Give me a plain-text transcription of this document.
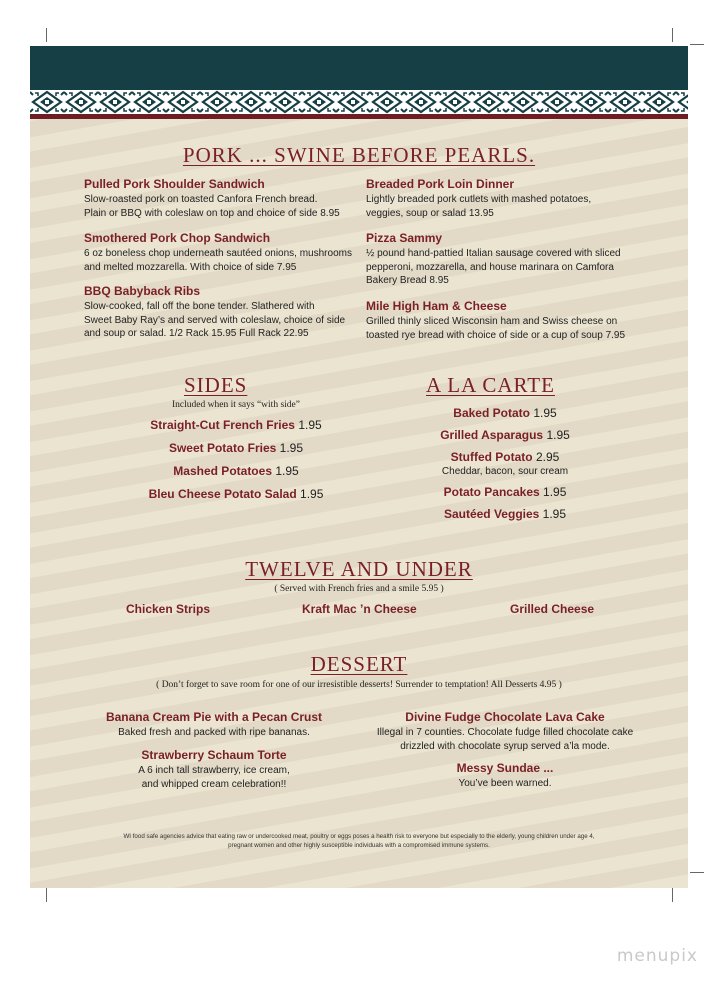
PORK ... SWINE BEFORE PEARLS.
Pulled Pork Shoulder Sandwich
Slow-roasted pork on toasted Canfora French bread.
Plain or BBQ with coleslaw on top and choice of side 8.95
Smothered Pork Chop Sandwich
6 oz boneless chop underneath sautéed onions, mushrooms
and melted mozzarella. With choice of side 7.95
BBQ Babyback Ribs
Slow-cooked, fall off the bone tender. Slathered with
Sweet Baby Ray’s and served with coleslaw, choice of side
and soup or salad. 1/2 Rack 15.95 Full Rack 22.95
Breaded Pork Loin Dinner
Lightly breaded pork cutlets with mashed potatoes,
veggies, soup or salad 13.95
Pizza Sammy
½ pound hand-pattied Italian sausage covered with sliced
pepperoni, mozzarella, and house marinara on Camfora
Bakery Bread 8.95
Mile High Ham & Cheese
Grilled thinly sliced Wisconsin ham and Swiss cheese on
toasted rye bread with choice of side or a cup of soup 7.95
SIDES
Included when it says “with side”
Straight-Cut French Fries 1.95
Sweet Potato Fries 1.95
Mashed Potatoes 1.95
Bleu Cheese Potato Salad 1.95
A LA CARTE
Baked Potato 1.95
Grilled Asparagus 1.95
Stuffed Potato 2.95
Cheddar, bacon, sour cream
Potato Pancakes 1.95
Sautéed Veggies 1.95
TWELVE AND UNDER
( Served with French fries and a smile 5.95 )
Chicken Strips	Kraft Mac ’n Cheese	Grilled Cheese
DESSERT
( Don’t forget to save room for one of our irresistible desserts! Surrender to temptation! All Desserts 4.95 )
Banana Cream Pie with a Pecan Crust
Baked fresh and packed with ripe bananas.
Strawberry Schaum Torte
A 6 inch tall strawberry, ice cream,
and whipped cream celebration!!
Divine Fudge Chocolate Lava Cake
Illegal in 7 counties. Chocolate fudge filled chocolate cake
drizzled with chocolate syrup served a’la mode.
Messy Sundae ...
You’ve been warned.
WI food safe agencies advice that eating raw or undercooked meat, poultry or eggs poses a health risk to everyone but especially to the elderly, young children under age 4,
pregnant women and other highly susceptible individuals with a compromised immune systems.
menupix
